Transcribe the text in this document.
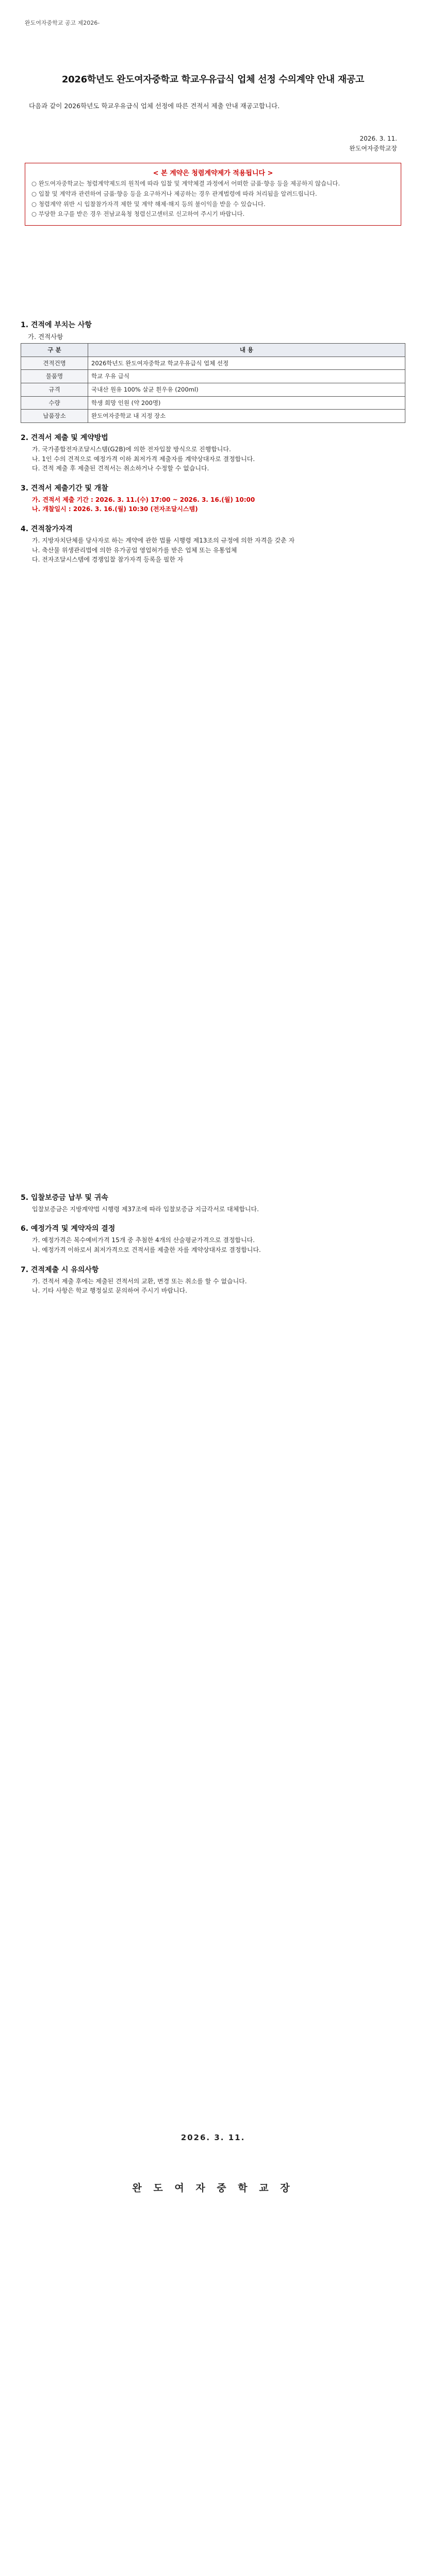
완도여자중학교 공고 제2026-
2026학년도 완도여자중학교 학교우유급식 업체 선정 수의계약 안내 재공고
다음과 같이 2026학년도 학교우유급식 업체 선정에 따른 견적서 제출 안내 재공고합니다.
2026. 3. 11.
완도여자중학교장
< 본 계약은 청렴계약제가 적용됩니다 >

○ 완도여자중학교는 청렴계약제도의 원칙에 따라 입찰 및 계약체결 과정에서 어떠한 금품·향응 등을 제공하지 않습니다.

○ 입찰 및 계약과 관련하여 금품·향응 등을 요구하거나 제공하는 경우 관계법령에 따라 처리됨을 알려드립니다.

○ 청렴계약 위반 시 입찰참가자격 제한 및 계약 해제·해지 등의 불이익을 받을 수 있습니다.

○ 부당한 요구를 받은 경우 전남교육청 청렴신고센터로 신고하여 주시기 바랍니다.

1. 견적에 부치는 사항
가. 견적사항
구 분	내 용
견적건명	2026학년도 완도여자중학교 학교우유급식 업체 선정
물품명	학교 우유 급식
규격	국내산 원유 100% 살균 흰우유 (200ml)
수량	학생 희망 인원 (약 200명)
납품장소	완도여자중학교 내 지정 장소
2. 견적서 제출 및 계약방법
가. 국가종합전자조달시스템(G2B)에 의한 전자입찰 방식으로 진행합니다.
나. 1인 수의 견적으로 예정가격 이하 최저가격 제출자를 계약상대자로 결정합니다.
다. 견적 제출 후 제출된 견적서는 취소하거나 수정할 수 없습니다.
3. 견적서 제출기간 및 개찰
가. 견적서 제출 기간 : 2026. 3. 11.(수) 17:00 ~ 2026. 3. 16.(월) 10:00
나. 개찰일시 : 2026. 3. 16.(월) 10:30 (전자조달시스템)
4. 견적참가자격
가. 지방자치단체를 당사자로 하는 계약에 관한 법률 시행령 제13조의 규정에 의한 자격을 갖춘 자
나. 축산물 위생관리법에 의한 유가공업 영업허가를 받은 업체 또는 유통업체
다. 전자조달시스템에 경쟁입찰 참가자격 등록을 필한 자
5. 입찰보증금 납부 및 귀속
입찰보증금은 지방계약법 시행령 제37조에 따라 입찰보증금 지급각서로 대체합니다.
6. 예정가격 및 계약자의 결정
가. 예정가격은 복수예비가격 15개 중 추첨한 4개의 산술평균가격으로 결정합니다.
나. 예정가격 이하로서 최저가격으로 견적서를 제출한 자를 계약상대자로 결정합니다.
7. 견적제출 시 유의사항
가. 견적서 제출 후에는 제출된 견적서의 교환, 변경 또는 취소를 할 수 없습니다.
나. 기타 사항은 학교 행정실로 문의하여 주시기 바랍니다.
2026. 3. 11.
완 도 여 자 중 학 교 장
